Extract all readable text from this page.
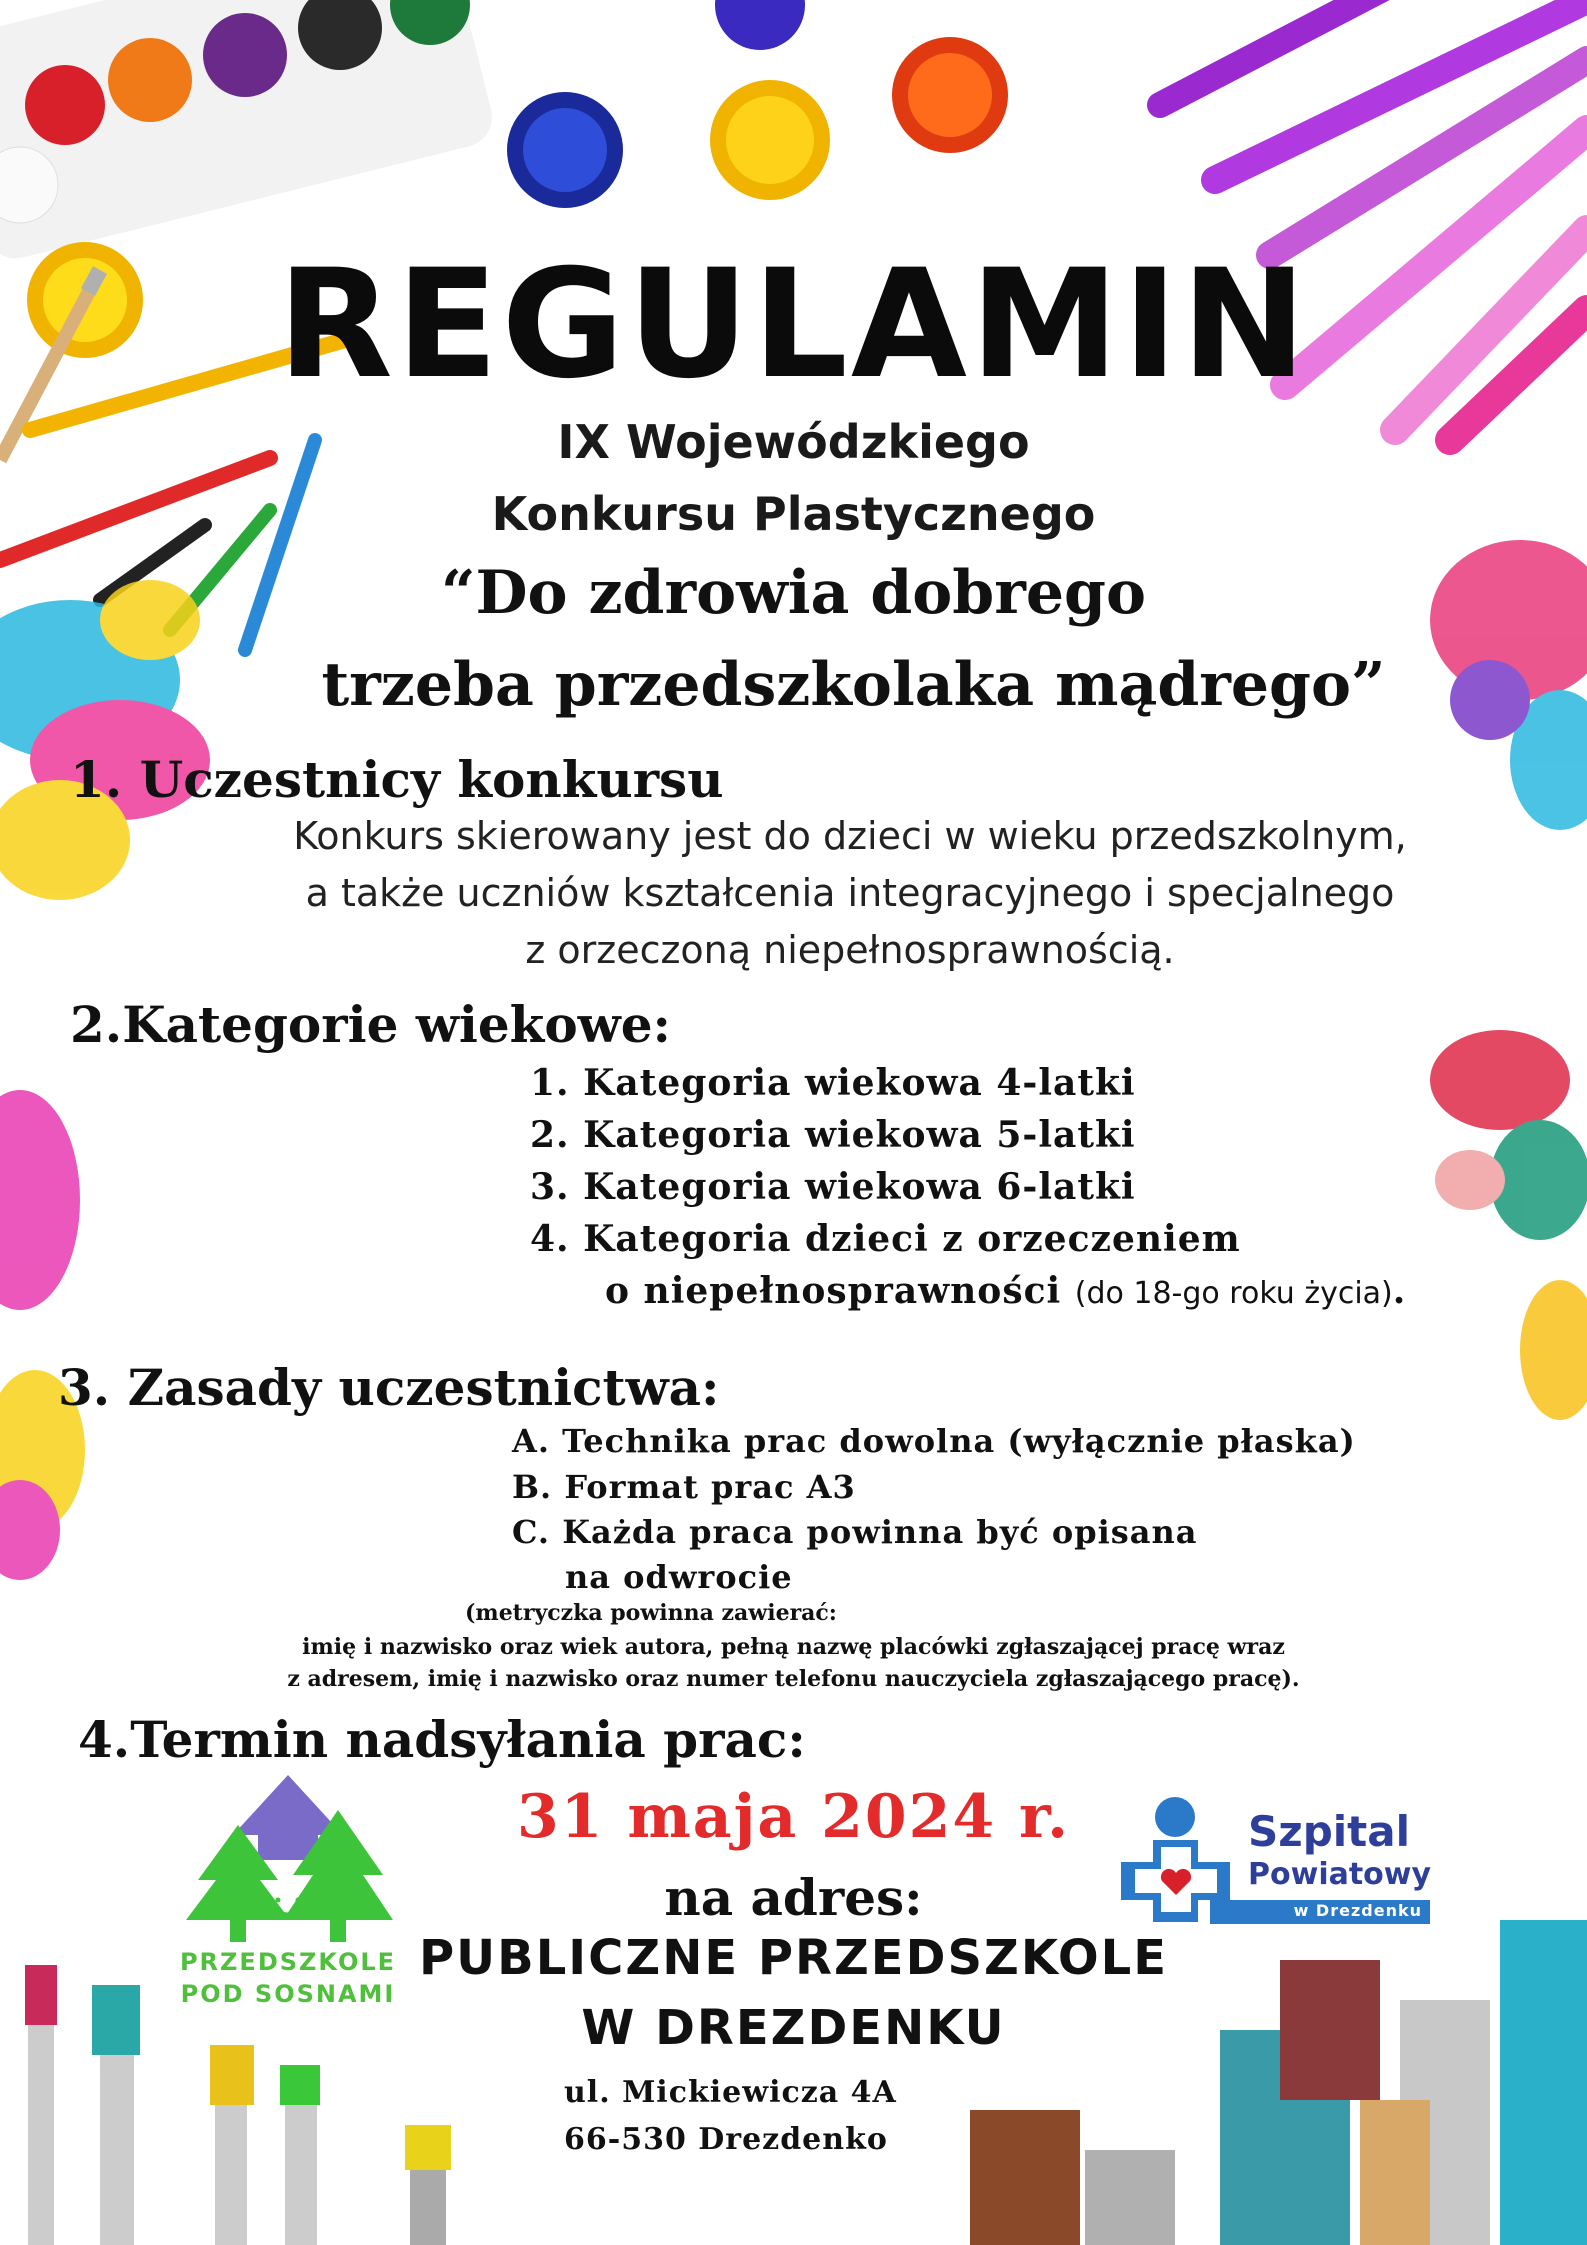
REGULAMIN
IX Wojewódzkiego
Konkursu Plastycznego
“Do zdrowia dobrego
trzeba przedszkolaka mądrego”
1. Uczestnicy konkursu
Konkurs skierowany jest do dzieci w wieku przedszkolnym,
a także uczniów kształcenia integracyjnego i specjalnego
z orzeczoną niepełnosprawnością.
2.Kategorie wiekowe:
1. Kategoria wiekowa 4-latki
2. Kategoria wiekowa 5-latki
3. Kategoria wiekowa 6-latki
4. Kategoria dzieci z orzeczeniem
o niepełnosprawności (do 18-go roku życia).
3. Zasady uczestnictwa:
A. Technika prac dowolna (wyłącznie płaska)
B. Format prac A3
C. Każda praca powinna być opisana
na odwrocie
(metryczka powinna zawierać:
imię i nazwisko oraz wiek autora, pełną nazwę placówki zgłaszającej pracę wraz
z adresem, imię i nazwisko oraz numer telefonu nauczyciela zgłaszającego pracę).
4.Termin nadsyłania prac:
31 maja 2024 r.
na adres:
PUBLICZNE PRZEDSZKOLE
W DREZDENKU
ul. Mickiewicza 4A
66-530 Drezdenko
PRZEDSZKOLE
POD SOSNAMI
Szpital
Powiatowy
w Drezdenku
